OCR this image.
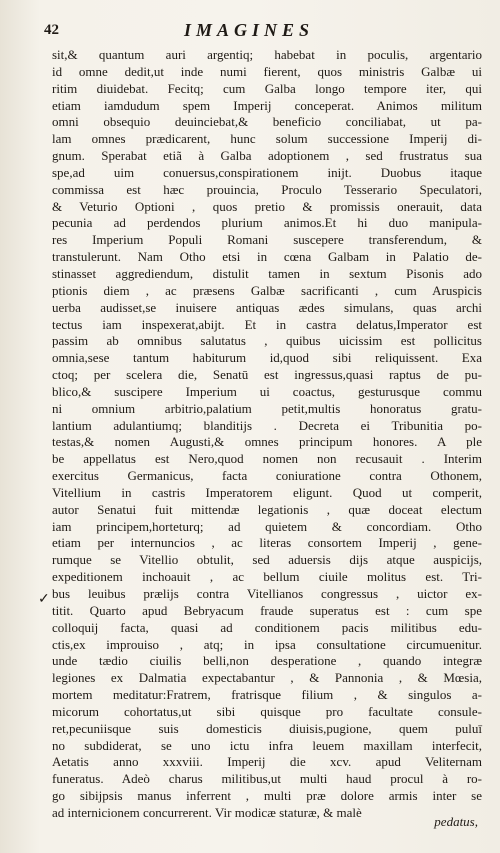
42	IMAGINES
✓
sit,& quantum auri argentiq; habebat in poculis, argentario
id omne dedit,ut inde numi fierent, quos ministris Galbæ ui
ritim diuidebat. Fecitq; cum Galba longo tempore iter, qui
etiam iamdudum spem Imperij conceperat. Animos militum
omni obsequio deuinciebat,& beneficio conciliabat, ut pa-
lam omnes prædicarent, hunc solum successione Imperij di-
gnum. Sperabat etiã à Galba adoptionem , sed frustratus sua
spe,ad uim conuersus,conspirationem inijt. Duobus itaque
commissa est hæc prouincia, Proculo Tesserario Speculatori,
& Veturio Optioni , quos pretio & promissis onerauit, data
pecunia ad perdendos plurium animos.Et hi duo manipula-
res Imperium Populi Romani suscepere transferendum, &
transtulerunt. Nam Otho etsi in cœna Galbam in Palatio de-
stinasset aggrediendum, distulit tamen in sextum Pisonis ado
ptionis diem , ac præsens Galbæ sacrificanti , cum Aruspicis
uerba audisset,se inuisere antiquas ædes simulans, quas archi
tectus iam inspexerat,abijt. Et in castra delatus,Imperator est
passim ab omnibus salutatus , quibus uicissim est pollicitus
omnia,sese tantum habiturum id,quod sibi reliquissent. Exa
ctoq; per scelera die, Senatū est ingressus,quasi raptus de pu-
blico,& suscipere Imperium ui coactus, gesturusque commu
ni omnium arbitrio,palatium petit,multis honoratus gratu-
lantium adulantiumq; blanditijs . Decreta ei Tribunitia po-
testas,& nomen Augusti,& omnes principum honores. A ple
be appellatus est Nero,quod nomen non recusauit . Interim
exercitus Germanicus, facta coniuratione contra Othonem,
Vitellium in castris Imperatorem eligunt. Quod ut comperit,
autor Senatui fuit mittendæ legationis , quæ doceat electum
iam principem,horteturq; ad quietem & concordiam. Otho
etiam per internuncios , ac literas consortem Imperij , gene-
rumque se Vitellio obtulit, sed aduersis dijs atque auspicijs,
expeditionem inchoauit , ac bellum ciuile molitus est. Tri-
bus leuibus prælijs contra Vitellianos congressus , uictor ex-
titit. Quarto apud Bebryacum fraude superatus est : cum spe
colloquij facta, quasi ad conditionem pacis militibus edu-
ctis,ex improuiso , atq; in ipsa consultatione circumuenitur.
unde tædio ciuilis belli,non desperatione , quando integræ
legiones ex Dalmatia expectabantur , & Pannonia , & Mœsia,
mortem meditatur:Fratrem, fratrisque filium , & singulos a-
micorum cohortatus,ut sibi quisque pro facultate consule-
ret,pecuniisque suis domesticis diuisis,pugione, quem puluī
no subdiderat, se uno ictu infra leuem maxillam interfecit,
Aetatis anno xxxviii. Imperij die xcv. apud Veliternam
funeratus. Adeò charus militibus,ut multi haud procul à ro-
go sibijpsis manus inferrent , multi præ dolore armis inter se
ad internicionem concurrerent. Vir modicæ staturæ, & malè
pedatus,
